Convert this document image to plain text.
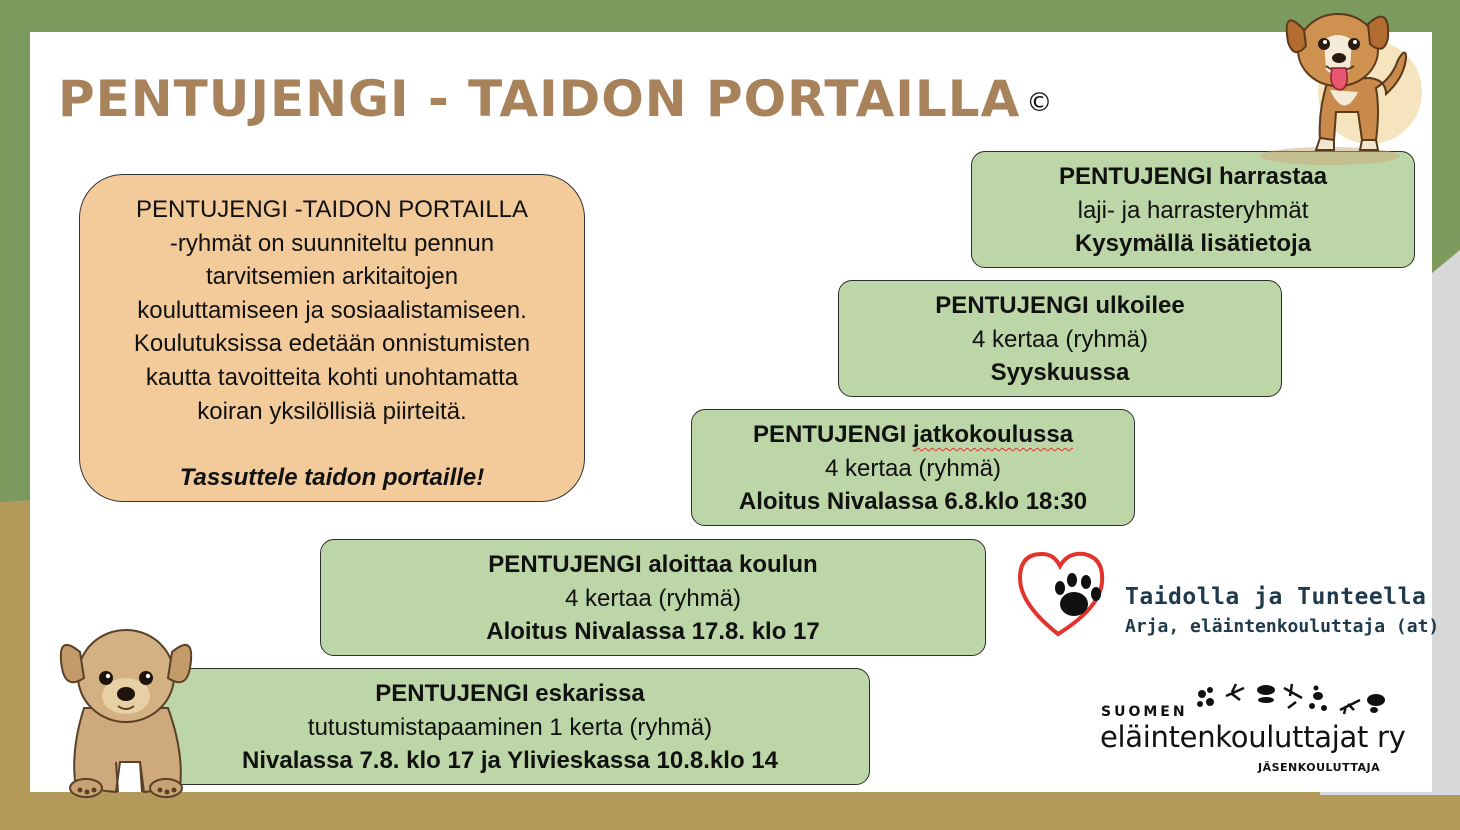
PENTUJENGI - TAIDON PORTAILLA ©
PENTUJENGI -TAIDON PORTAILLA
-ryhmät on suunniteltu pennun
tarvitsemien arkitaitojen
kouluttamiseen ja sosiaalistamiseen.
Koulutuksissa edetään onnistumisten
kautta tavoitteita kohti unohtamatta
koiran yksilöllisiä piirteitä.
Tassuttele taidon portaille!
PENTUJENGI harrastaa
laji- ja harrasteryhmät
Kysymällä lisätietoja
PENTUJENGI ulkoilee
4 kertaa (ryhmä)
Syyskuussa
PENTUJENGI jatkokoulussa
4 kertaa (ryhmä)
Aloitus Nivalassa 6.8.klo 18:30
PENTUJENGI aloittaa koulun
4 kertaa (ryhmä)
Aloitus Nivalassa 17.8. klo 17
PENTUJENGI eskarissa
tutustumistapaaminen 1 kerta (ryhmä)
Nivalassa 7.8. klo 17 ja Ylivieskassa 10.8.klo 14
Taidolla ja Tunteella
Arja, eläintenkouluttaja (at)
SUOMEN
eläintenkouluttajat ry
JÄSENKOULUTTAJA
